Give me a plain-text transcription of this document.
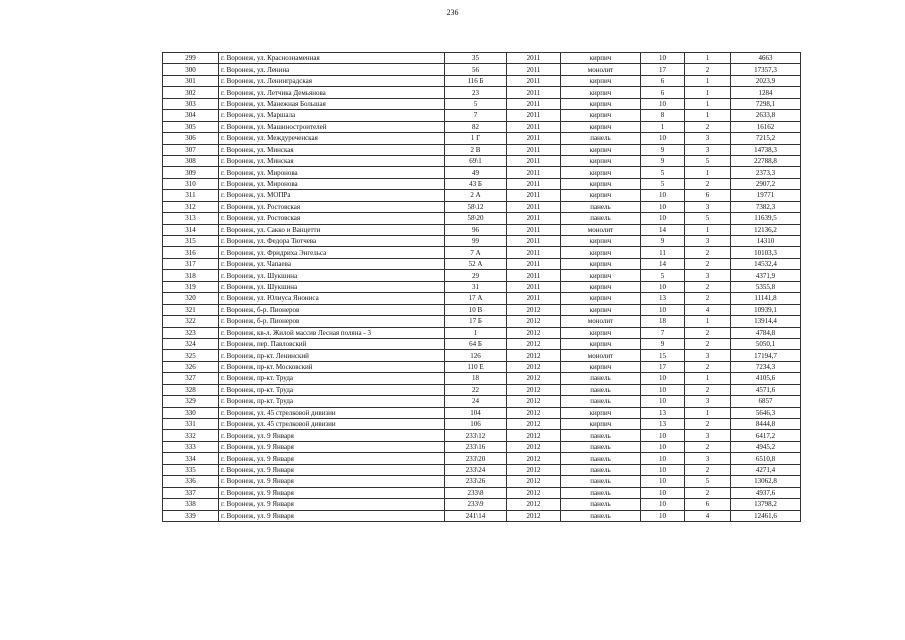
236
299	г. Воронеж, ул. Краснознаменная	35	2011	кирпич	10	1	4663
300	г. Воронеж, ул. Ленина	56	2011	монолит	17	2	17357,3
301	г. Воронеж, ул. Ленинградская	116 Б	2011	кирпич	6	1	2023,9
302	г. Воронеж, ул. Летчика Демьянова	23	2011	кирпич	6	1	1284
303	г. Воронеж, ул. Манежная Большая	5	2011	кирпич	10	1	7298,1
304	г. Воронеж, ул. Маршала	7	2011	кирпич	8	1	2633,8
305	г. Воронеж, ул. Машиностроителей	82	2011	кирпич	1	2	16162
306	г. Воронеж, ул. Междуреченская	1 Г	2011	панель	10	3	7215,2
307	г. Воронеж, ул. Минская	2 В	2011	кирпич	9	3	14738,3
308	г. Воронеж, ул. Минская	69\1	2011	кирпич	9	5	22788,8
309	г. Воронеж, ул. Миронова	49	2011	кирпич	5	1	2373,3
310	г. Воронеж, ул. Миронова	43 Б	2011	кирпич	5	2	2907,2
311	г. Воронеж, ул. МОПРа	2 А	2011	кирпич	10	6	19771
312	г. Воронеж, ул. Ростовская	58\12	2011	панель	10	3	7382,3
313	г. Воронеж, ул. Ростовская	58\20	2011	панель	10	5	11639,5
314	г. Воронеж, ул. Сакко и Ванцетти	96	2011	монолит	14	1	12136,2
315	г. Воронеж, ул. Федора Тютчева	99	2011	кирпич	9	3	14310
316	г. Воронеж, ул. Фридриха Энгельса	7 А	2011	кирпич	11	2	10103,3
317	г. Воронеж, ул. Чапаева	52 А	2011	кирпич	14	2	14532,4
318	г. Воронеж, ул. Шукшина	29	2011	кирпич	5	3	4371,9
319	г. Воронеж, ул. Шукшина	31	2011	кирпич	10	2	5355,8
320	г. Воронеж, ул. Юлиуса Янониса	17 А	2011	кирпич	13	2	11141,8
321	г. Воронеж, б-р. Пионеров	10 В	2012	кирпич	10	4	10939,1
322	г. Воронеж, б-р. Пионеров	17 Б	2012	монолит	18	1	13914,4
323	г. Воронеж, кв-л. Жилой массив Лесная поляна - 3	1	2012	кирпич	7	2	4784,8
324	г. Воронеж, пер. Павловский	64 Б	2012	кирпич	9	2	5050,1
325	г. Воронеж, пр-кт. Ленинский	126	2012	монолит	15	3	17194,7
326	г. Воронеж, пр-кт. Московский	110 Е	2012	кирпич	17	2	7234,3
327	г. Воронеж, пр-кт. Труда	18	2012	панель	10	1	4105,6
328	г. Воронеж, пр-кт. Труда	22	2012	панель	10	2	4571,6
329	г. Воронеж, пр-кт. Труда	24	2012	панель	10	3	6857
330	г. Воронеж, ул. 45 стрелковой дивизии	104	2012	кирпич	13	1	5646,3
331	г. Воронеж, ул. 45 стрелковой дивизии	106	2012	кирпич	13	2	8444,8
332	г. Воронеж, ул. 9 Января	233\12	2012	панель	10	3	6417,2
333	г. Воронеж, ул. 9 Января	233\16	2012	панель	10	2	4945,2
334	г. Воронеж, ул. 9 Января	233\20	2012	панель	10	3	6510,8
335	г. Воронеж, ул. 9 Января	233\24	2012	панель	10	2	4271,4
336	г. Воронеж, ул. 9 Января	233\26	2012	панель	10	5	13062,8
337	г. Воронеж, ул. 9 Января	233\8	2012	панель	10	2	4937,6
338	г. Воронеж, ул. 9 Января	233\9	2012	панель	10	6	13798,2
339	г. Воронеж, ул. 9 Января	241\14	2012	панель	10	4	12461,6
